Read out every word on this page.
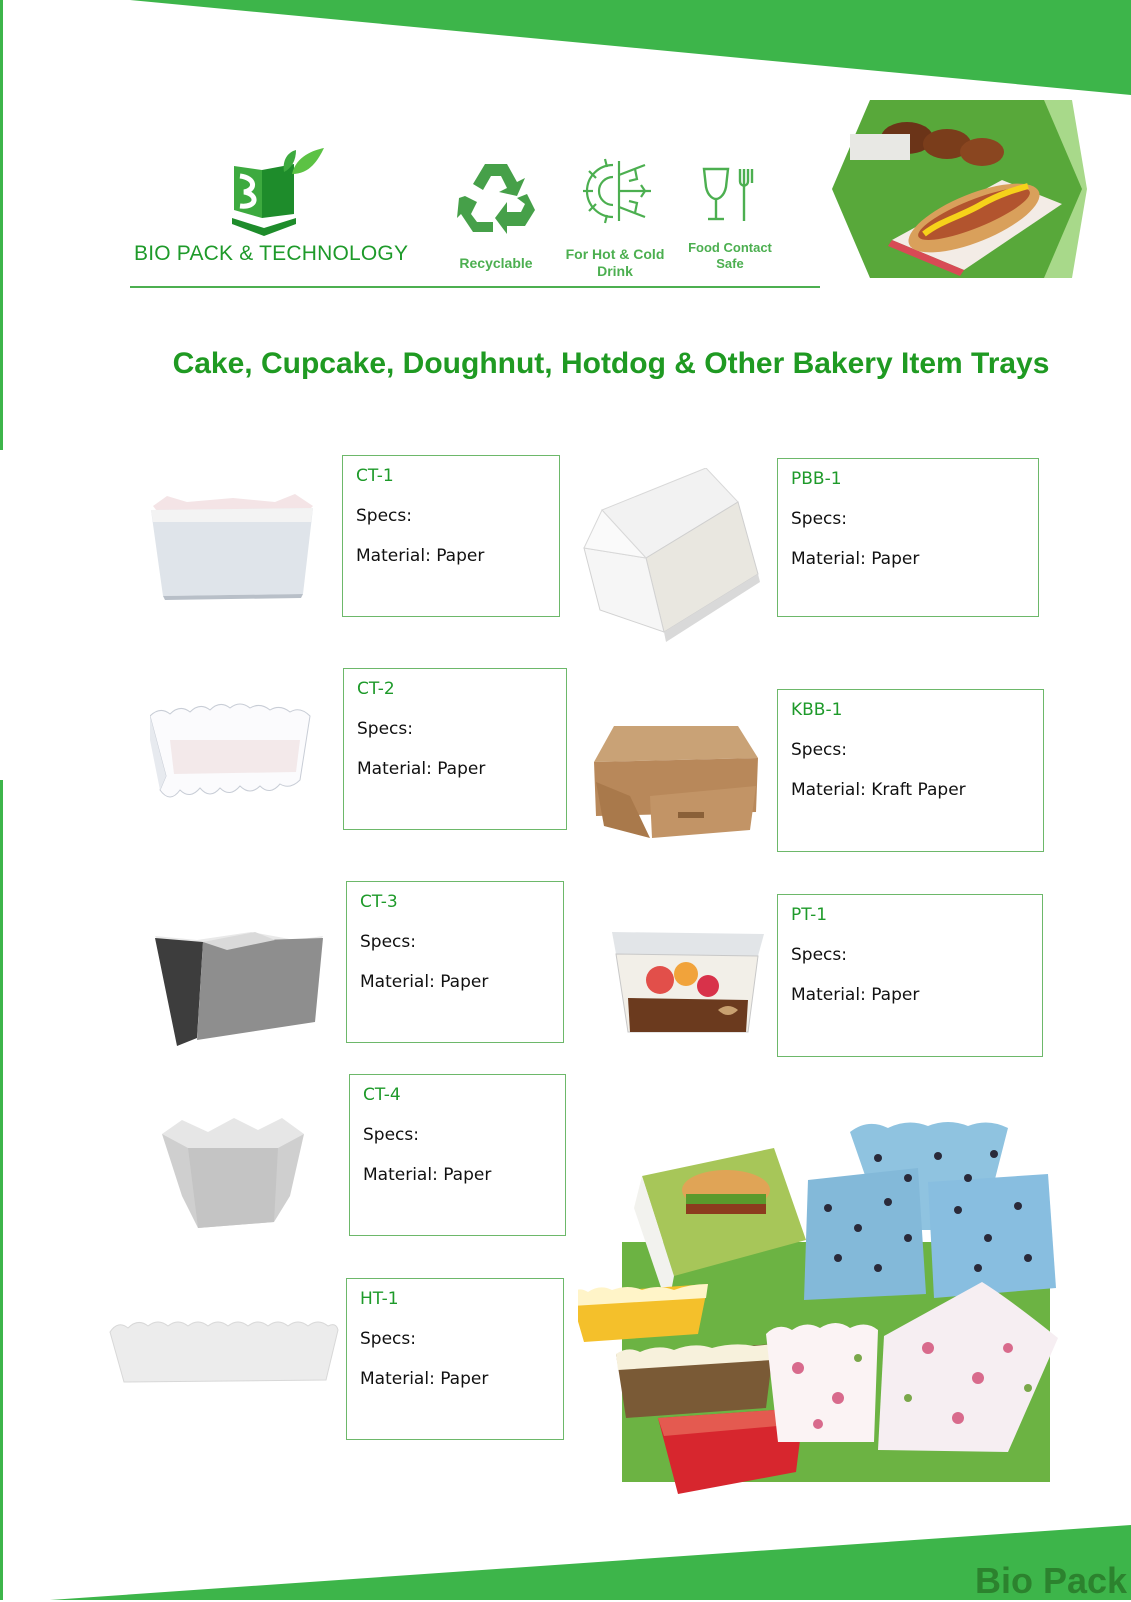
BIO PACK & TECHNOLOGY	Recyclable
For Hot & Cold
Drink
Food Contact
Safe
Cake, Cupcake, Doughnut, Hotdog & Other Bakery Item Trays
CT-1
Specs:
Material: Paper
CT-2
Specs:
Material: Paper
CT-3
Specs:
Material: Paper
CT-4
Specs:
Material: Paper
HT-1
Specs:
Material: Paper
PBB-1
Specs:
Material: Paper
KBB-1
Specs:
Material: Kraft Paper
PT-1
Specs:
Material: Paper
Bio Pack
